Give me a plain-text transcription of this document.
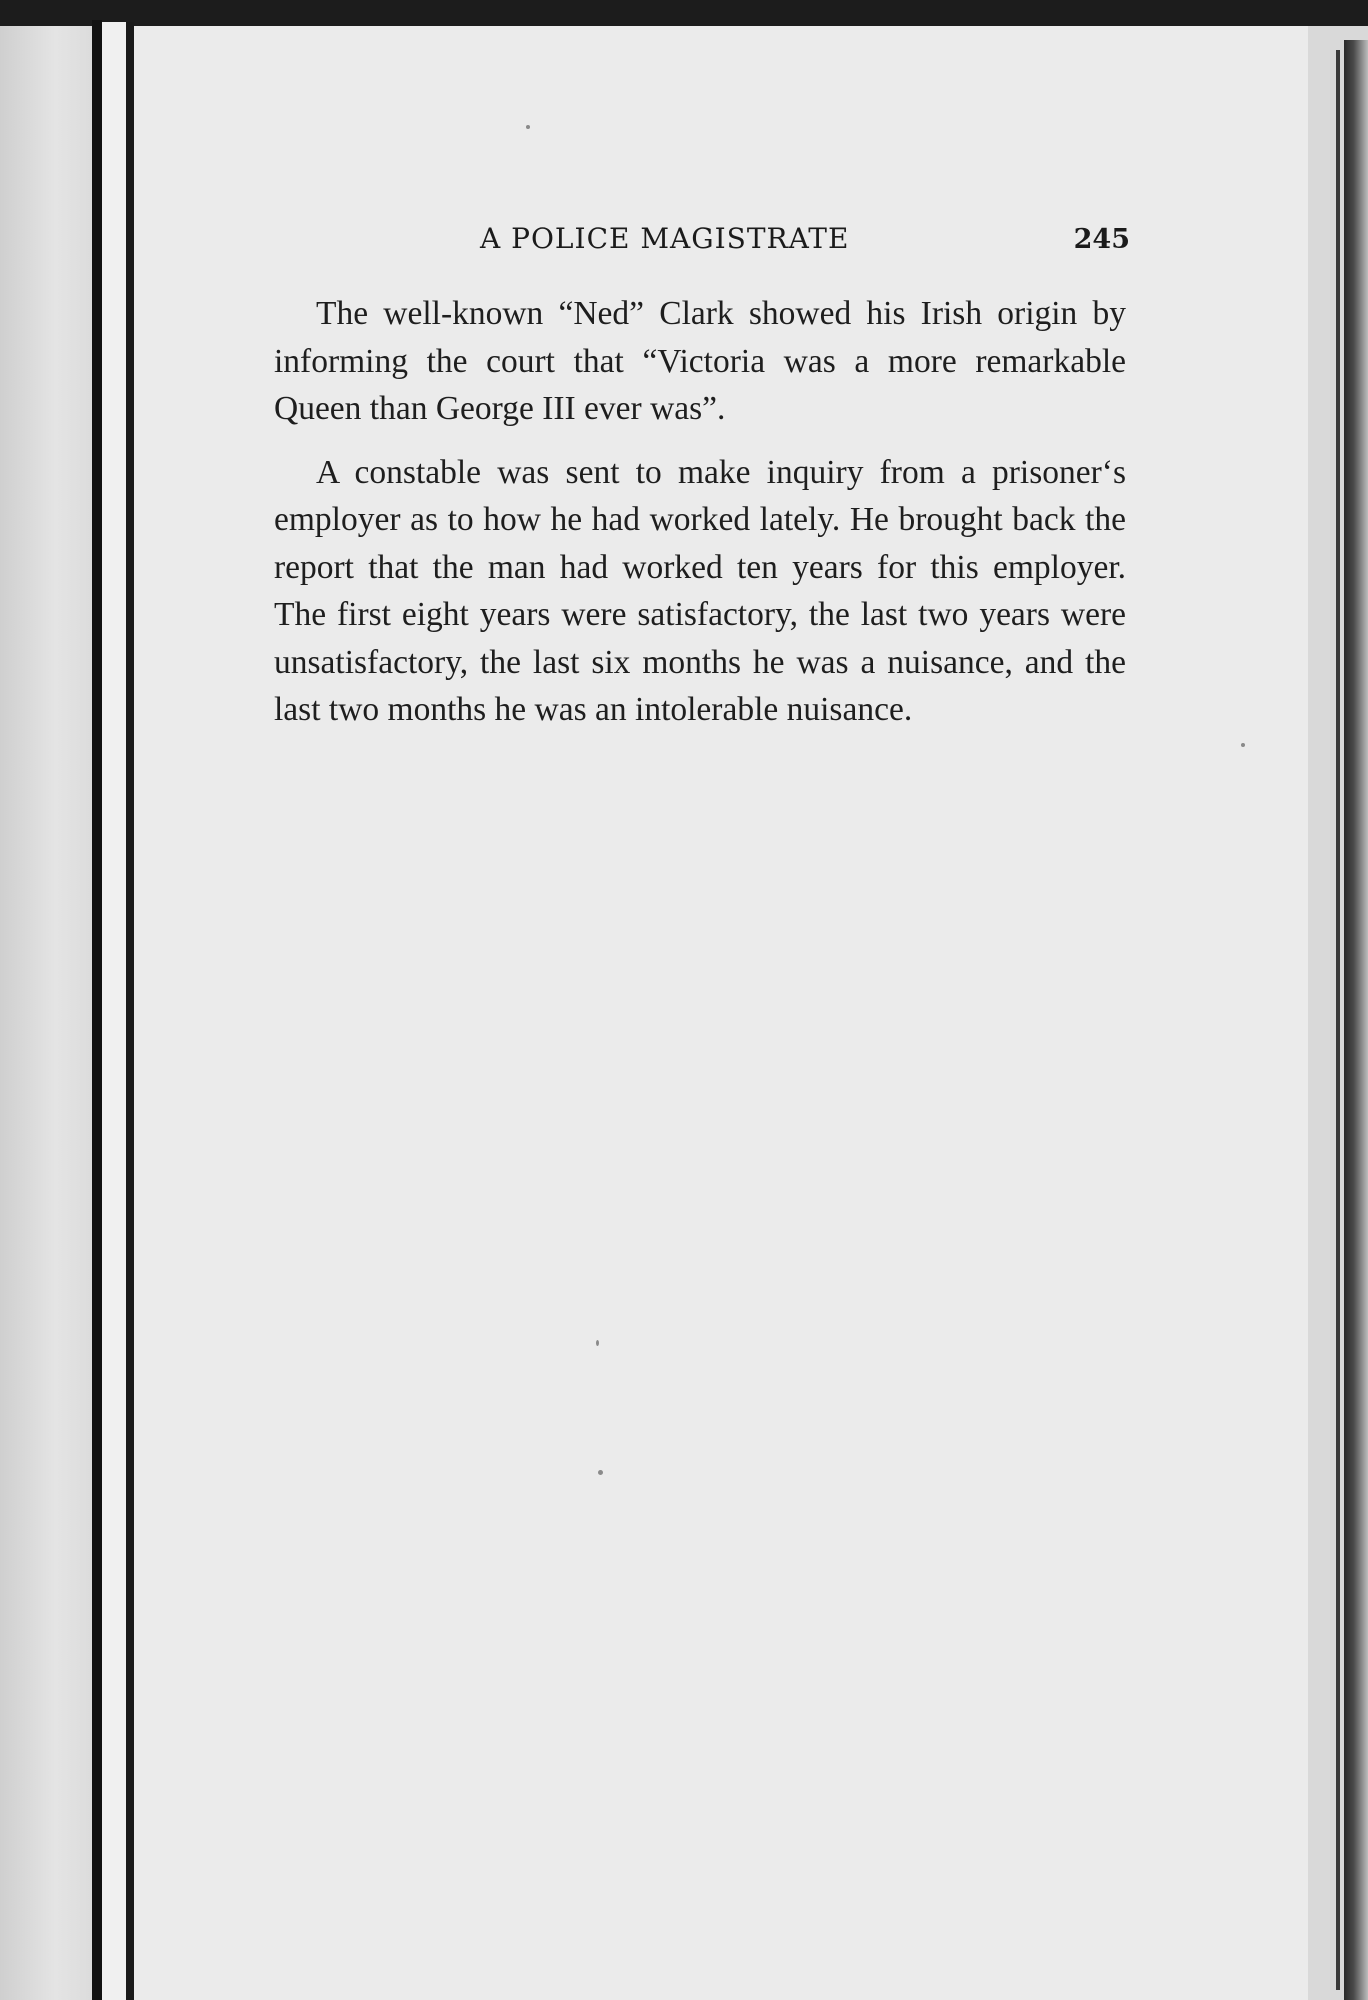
A POLICE MAGISTRATE	245

The well-known “Ned” Clark showed his Irish origin by informing the court that “Victoria was a more remarkable Queen than George III ever was”.

A constable was sent to make inquiry from a prisoner‘s employer as to how he had worked lately. He brought back the report that the man had worked ten years for this employer. The first eight years were satisfactory, the last two years were unsatisfactory, the last six months he was a nuisance, and the last two months he was an intolerable nuisance.
